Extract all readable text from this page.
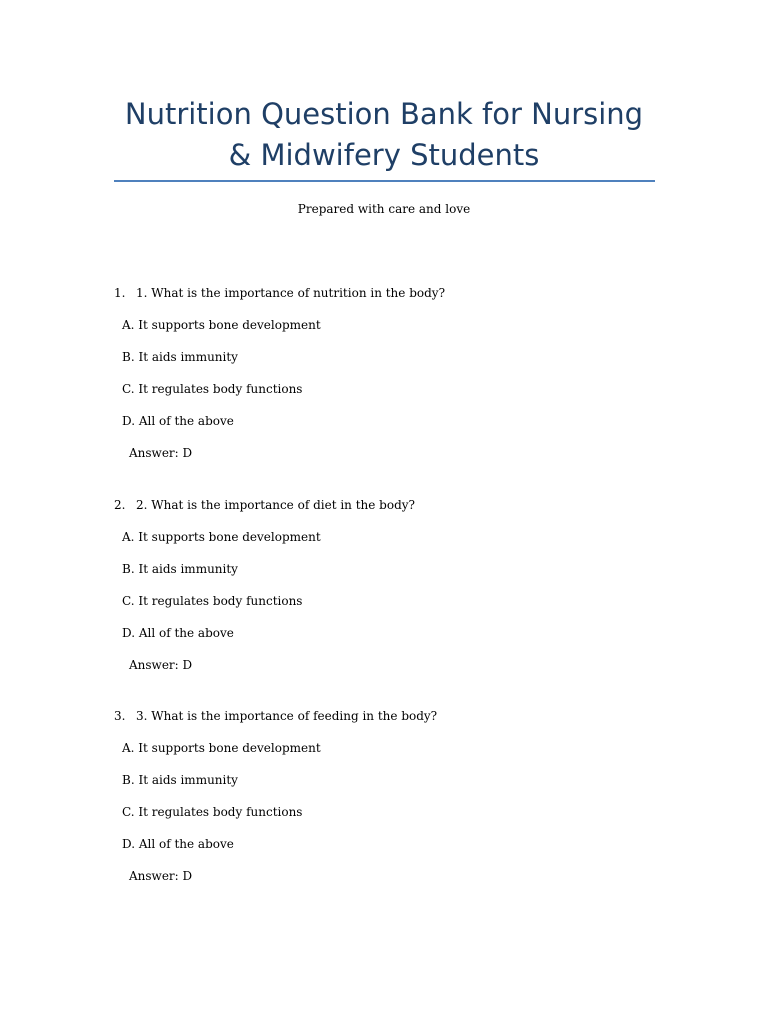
Nutrition Question Bank for Nursing & Midwifery Students
Prepared with care and love
1. 1. What is the importance of nutrition in the body?
A. It supports bone development
B. It aids immunity
C. It regulates body functions
D. All of the above
Answer: D
2. 2. What is the importance of diet in the body?
A. It supports bone development
B. It aids immunity
C. It regulates body functions
D. All of the above
Answer: D
3. 3. What is the importance of feeding in the body?
A. It supports bone development
B. It aids immunity
C. It regulates body functions
D. All of the above
Answer: D
